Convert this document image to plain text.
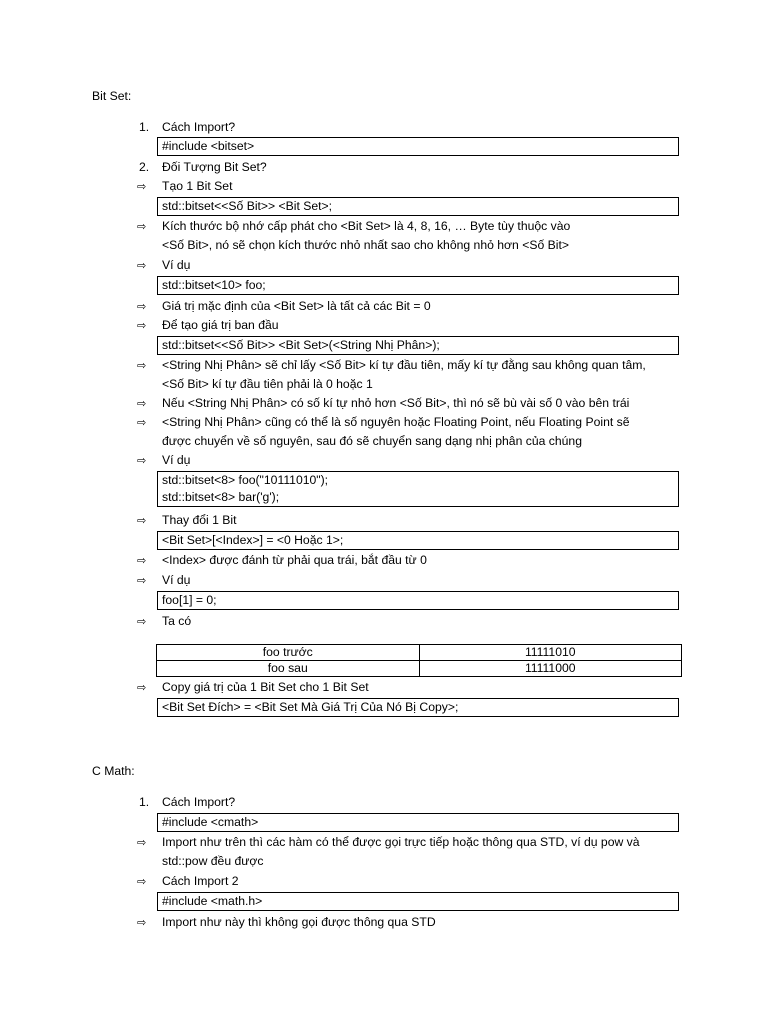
Bit Set:
1. Cách Import?
#include <bitset>
2. Đối Tượng Bit Set?
⇨ Tạo 1 Bit Set
std::bitset<<Số Bit>> <Bit Set>;
⇨ Kích thước bộ nhớ cấp phát cho <Bit Set> là 4, 8, 16, … Byte tùy thuộc vào
<Số Bit>, nó sẽ chọn kích thước nhỏ nhất sao cho không nhỏ hơn <Số Bit>
⇨ Ví dụ
std::bitset<10> foo;
⇨ Giá trị mặc định của <Bit Set> là tất cả các Bit = 0
⇨ Để tạo giá trị ban đầu
std::bitset<<Số Bit>> <Bit Set>(<String Nhị Phân>);
⇨ <String Nhị Phân> sẽ chỉ lấy <Số Bit> kí tự đầu tiên, mấy kí tự đằng sau không quan tâm,
<Số Bit> kí tự đầu tiên phải là 0 hoặc 1
⇨ Nếu <String Nhị Phân> có số kí tự nhỏ hơn <Số Bit>, thì nó sẽ bù vài số 0 vào bên trái
⇨ <String Nhị Phân> cũng có thể là số nguyên hoặc Floating Point, nếu Floating Point sẽ
được chuyển về số nguyên, sau đó sẽ chuyển sang dạng nhị phân của chúng
⇨ Ví dụ
std::bitset<8> foo("10111010");
std::bitset<8> bar('g');
⇨ Thay đổi 1 Bit
<Bit Set>[<Index>] = <0 Hoặc 1>;
⇨ <Index> được đánh từ phải qua trái, bắt đầu từ 0
⇨ Ví dụ
foo[1] = 0;
⇨ Ta có
foo trước	11111010
foo sau	11111000
⇨ Copy giá trị của 1 Bit Set cho 1 Bit Set
<Bit Set Đích> = <Bit Set Mà Giá Trị Của Nó Bị Copy>;
C Math:
1. Cách Import?
#include <cmath>
⇨ Import như trên thì các hàm có thể được gọi trực tiếp hoặc thông qua STD, ví dụ pow và
std::pow đều được
⇨ Cách Import 2
#include <math.h>
⇨ Import như này thì không gọi được thông qua STD
